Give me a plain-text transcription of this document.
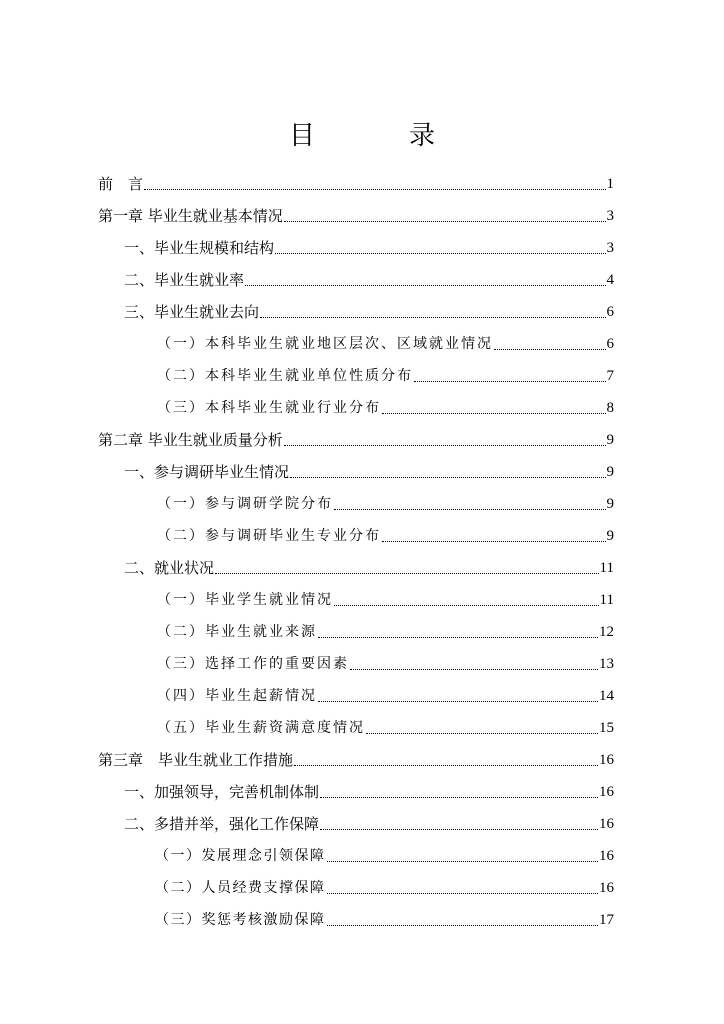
目　录
前　言	1
第一章 毕业生就业基本情况	3
一、毕业生规模和结构	3
二、毕业生就业率	4
三、毕业生就业去向	6
（一）本科毕业生就业地区层次、区域就业情况	6
（二）本科毕业生就业单位性质分布	7
（三）本科毕业生就业行业分布	8
第二章 毕业生就业质量分析	9
一、参与调研毕业生情况	9
（一）参与调研学院分布	9
（二）参与调研毕业生专业分布	9
二、就业状况	11
（一）毕业学生就业情况	11
（二）毕业生就业来源	12
（三）选择工作的重要因素	13
（四）毕业生起薪情况	14
（五）毕业生薪资满意度情况	15
第三章　毕业生就业工作措施	16
一、加强领导，完善机制体制	16
二、多措并举，强化工作保障	16
（一）发展理念引领保障	16
（二）人员经费支撑保障	16
（三）奖惩考核激励保障	17
